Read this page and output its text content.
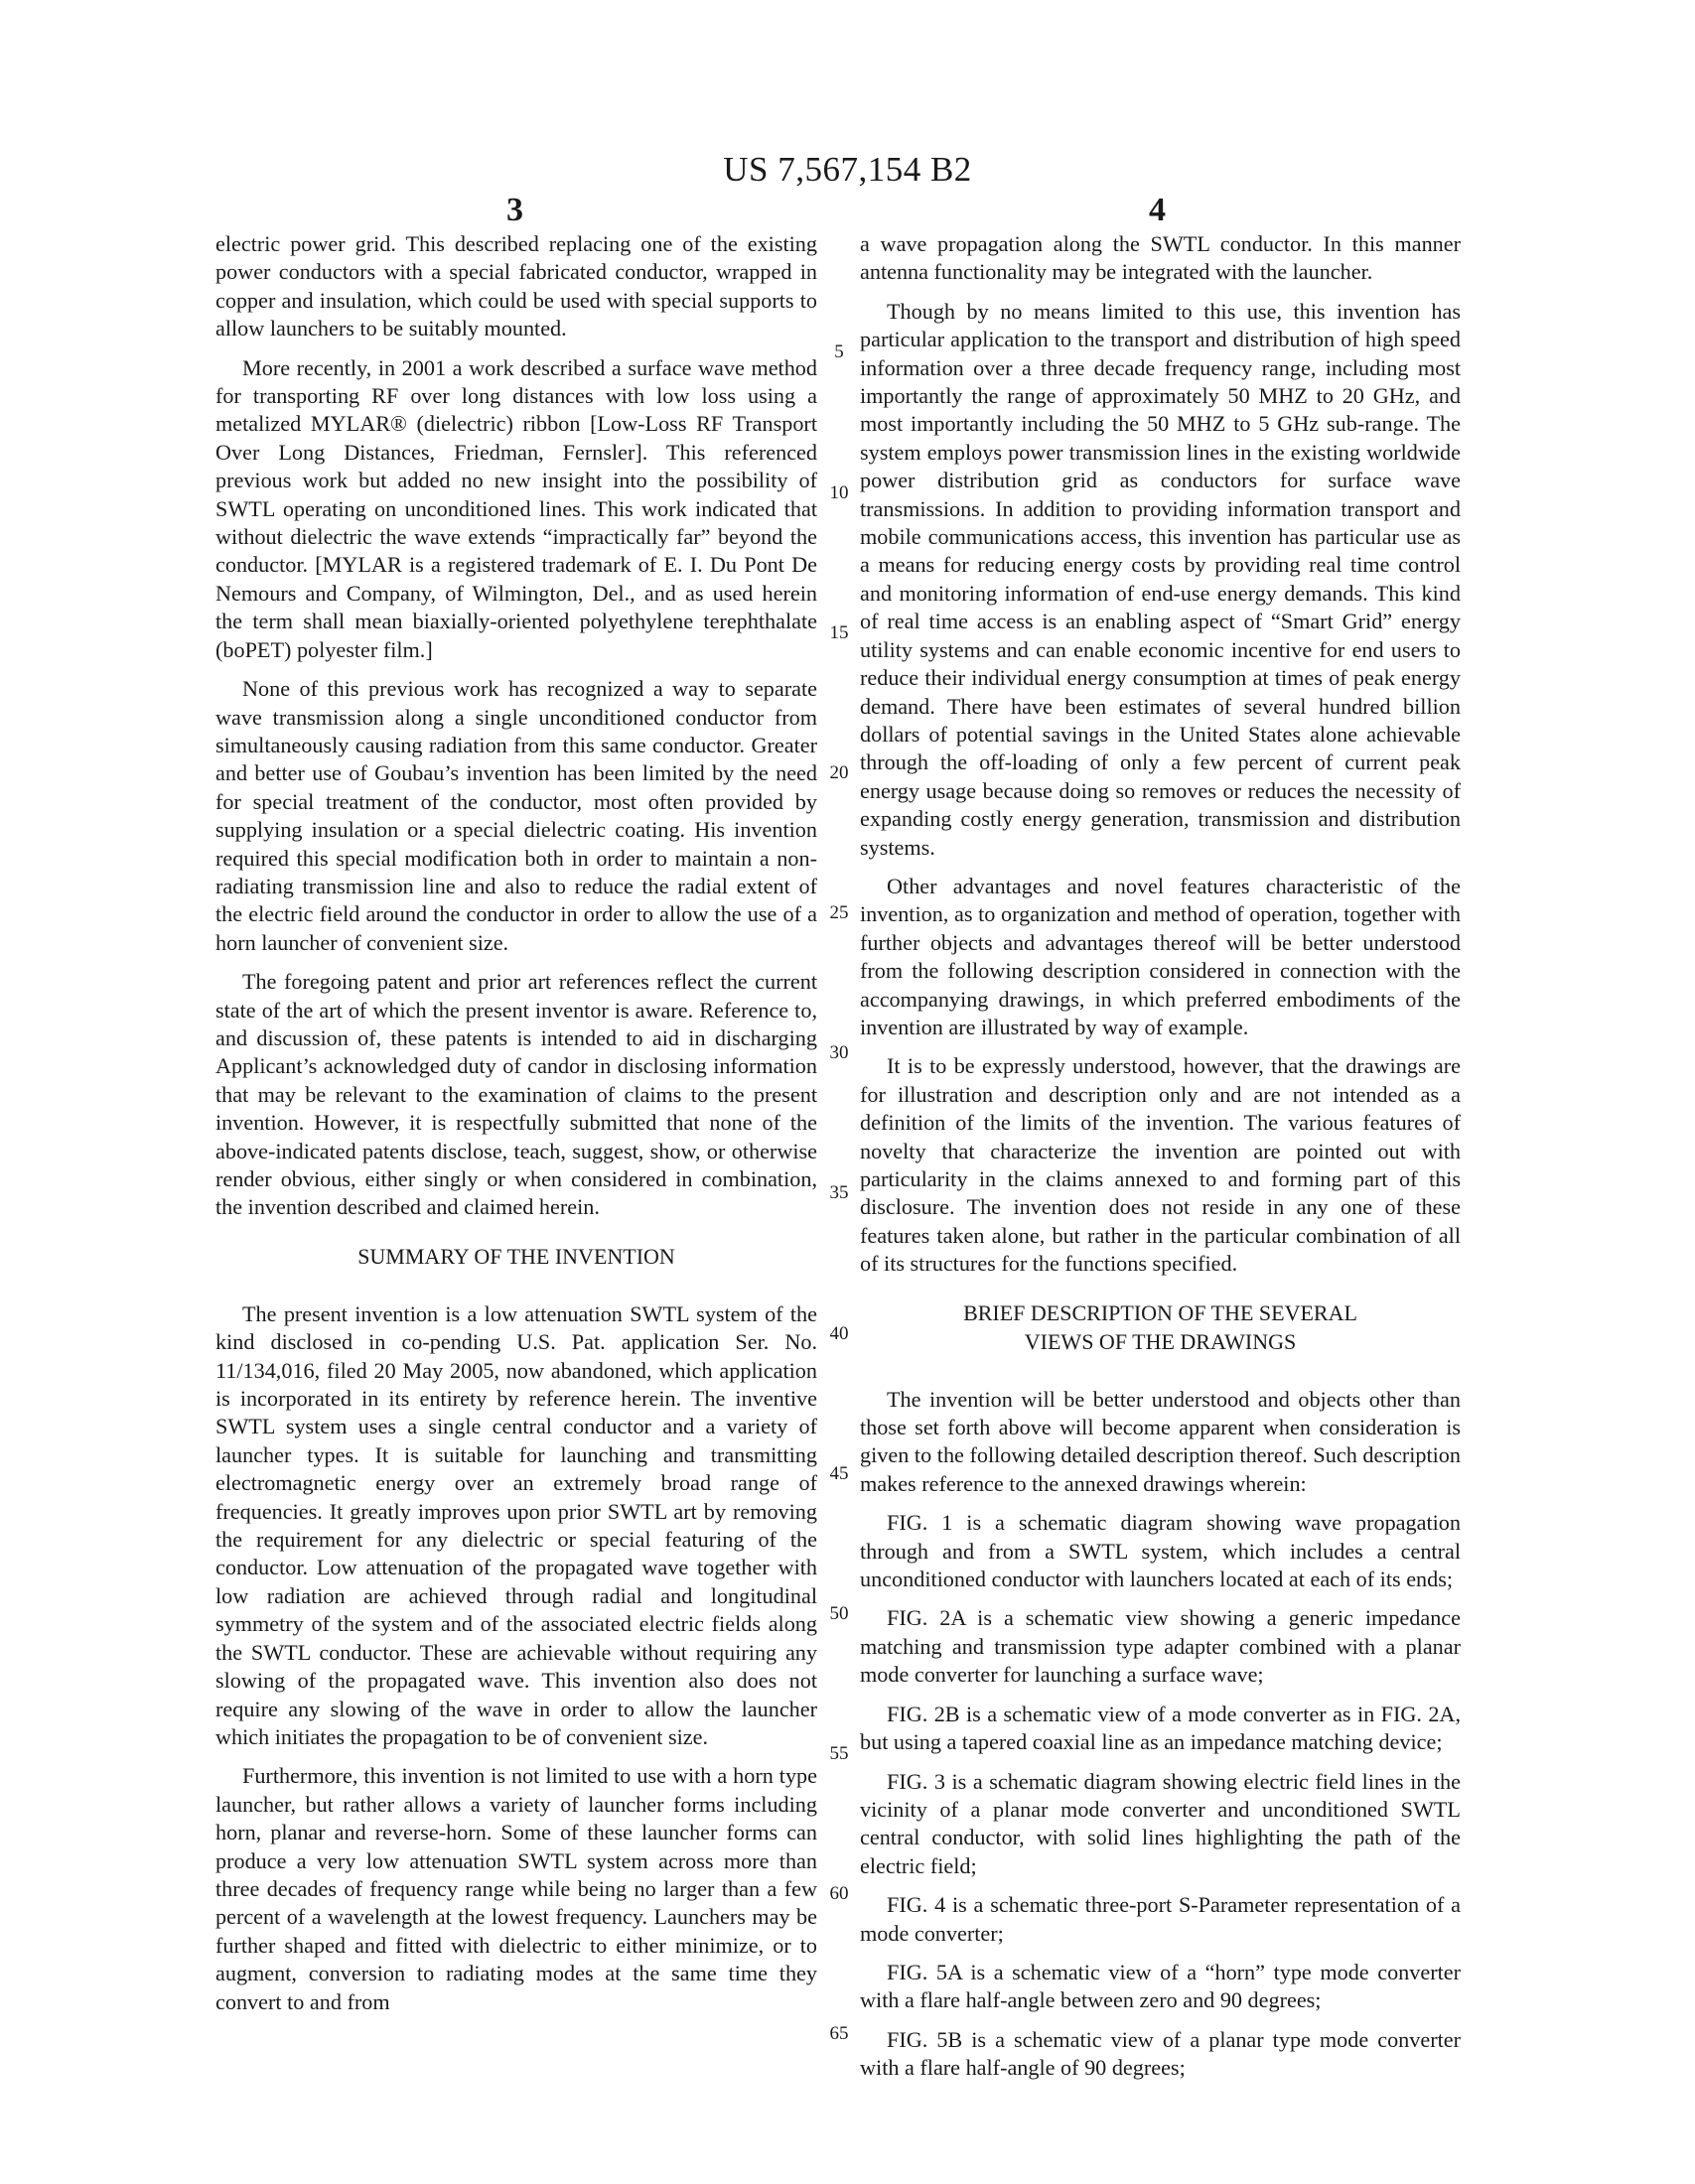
US 7,567,154 B2
3	4

electric power grid. This described replacing one of the existing power conductors with a special fabricated conductor, wrapped in copper and insulation, which could be used with special supports to allow launchers to be suitably mounted.

More recently, in 2001 a work described a surface wave method for transporting RF over long distances with low loss using a metalized MYLAR® (dielectric) ribbon [Low-Loss RF Transport Over Long Distances, Friedman, Fernsler]. This referenced previous work but added no new insight into the possibility of SWTL operating on unconditioned lines. This work indicated that without dielectric the wave extends “impractically far” beyond the conductor. [MYLAR is a registered trademark of E. I. Du Pont De Nemours and Company, of Wilmington, Del., and as used herein the term shall mean biaxially-oriented polyethylene terephthalate (boPET) polyester film.]

None of this previous work has recognized a way to separate wave transmission along a single unconditioned conductor from simultaneously causing radiation from this same conductor. Greater and better use of Goubau’s invention has been limited by the need for special treatment of the conductor, most often provided by supplying insulation or a special dielectric coating. His invention required this special modification both in order to maintain a non-radiating transmission line and also to reduce the radial extent of the electric field around the conductor in order to allow the use of a horn launcher of convenient size.

The foregoing patent and prior art references reflect the current state of the art of which the present inventor is aware. Reference to, and discussion of, these patents is intended to aid in discharging Applicant’s acknowledged duty of candor in disclosing information that may be relevant to the examination of claims to the present invention. However, it is respectfully submitted that none of the above-indicated patents disclose, teach, suggest, show, or otherwise render obvious, either singly or when considered in combination, the invention described and claimed herein.

SUMMARY OF THE INVENTION

The present invention is a low attenuation SWTL system of the kind disclosed in co-pending U.S. Pat. application Ser. No. 11/134,016, filed 20 May 2005, now abandoned, which application is incorporated in its entirety by reference herein. The inventive SWTL system uses a single central conductor and a variety of launcher types. It is suitable for launching and transmitting electromagnetic energy over an extremely broad range of frequencies. It greatly improves upon prior SWTL art by removing the requirement for any dielectric or special featuring of the conductor. Low attenuation of the propagated wave together with low radiation are achieved through radial and longitudinal symmetry of the system and of the associated electric fields along the SWTL conductor. These are achievable without requiring any slowing of the propagated wave. This invention also does not require any slowing of the wave in order to allow the launcher which initiates the propagation to be of convenient size.

Furthermore, this invention is not limited to use with a horn type launcher, but rather allows a variety of launcher forms including horn, planar and reverse-horn. Some of these launcher forms can produce a very low attenuation SWTL system across more than three decades of frequency range while being no larger than a few percent of a wavelength at the lowest frequency. Launchers may be further shaped and fitted with dielectric to either minimize, or to augment, conversion to radiating modes at the same time they convert to and from

a wave propagation along the SWTL conductor. In this manner antenna functionality may be integrated with the launcher.

Though by no means limited to this use, this invention has particular application to the transport and distribution of high speed information over a three decade frequency range, including most importantly the range of approximately 50 MHZ to 20 GHz, and most importantly including the 50 MHZ to 5 GHz sub-range. The system employs power transmission lines in the existing worldwide power distribution grid as conductors for surface wave transmissions. In addition to providing information transport and mobile communications access, this invention has particular use as a means for reducing energy costs by providing real time control and monitoring information of end-use energy demands. This kind of real time access is an enabling aspect of “Smart Grid” energy utility systems and can enable economic incentive for end users to reduce their individual energy consumption at times of peak energy demand. There have been estimates of several hundred billion dollars of potential savings in the United States alone achievable through the off-loading of only a few percent of current peak energy usage because doing so removes or reduces the necessity of expanding costly energy generation, transmission and distribution systems.

Other advantages and novel features characteristic of the invention, as to organization and method of operation, together with further objects and advantages thereof will be better understood from the following description considered in connection with the accompanying drawings, in which preferred embodiments of the invention are illustrated by way of example.

It is to be expressly understood, however, that the drawings are for illustration and description only and are not intended as a definition of the limits of the invention. The various features of novelty that characterize the invention are pointed out with particularity in the claims annexed to and forming part of this disclosure. The invention does not reside in any one of these features taken alone, but rather in the particular combination of all of its structures for the functions specified.

BRIEF DESCRIPTION OF THE SEVERAL
VIEWS OF THE DRAWINGS

The invention will be better understood and objects other than those set forth above will become apparent when consideration is given to the following detailed description thereof. Such description makes reference to the annexed drawings wherein:

FIG. 1 is a schematic diagram showing wave propagation through and from a SWTL system, which includes a central unconditioned conductor with launchers located at each of its ends;

FIG. 2A is a schematic view showing a generic impedance matching and transmission type adapter combined with a planar mode converter for launching a surface wave;

FIG. 2B is a schematic view of a mode converter as in FIG. 2A, but using a tapered coaxial line as an impedance matching device;

FIG. 3 is a schematic diagram showing electric field lines in the vicinity of a planar mode converter and unconditioned SWTL central conductor, with solid lines highlighting the path of the electric field;

FIG. 4 is a schematic three-port S-Parameter representation of a mode converter;

FIG. 5A is a schematic view of a “horn” type mode converter with a flare half-angle between zero and 90 degrees;

FIG. 5B is a schematic view of a planar type mode converter with a flare half-angle of 90 degrees;

5
10
15
20
25
30
35
40
45
50
55
60
65
